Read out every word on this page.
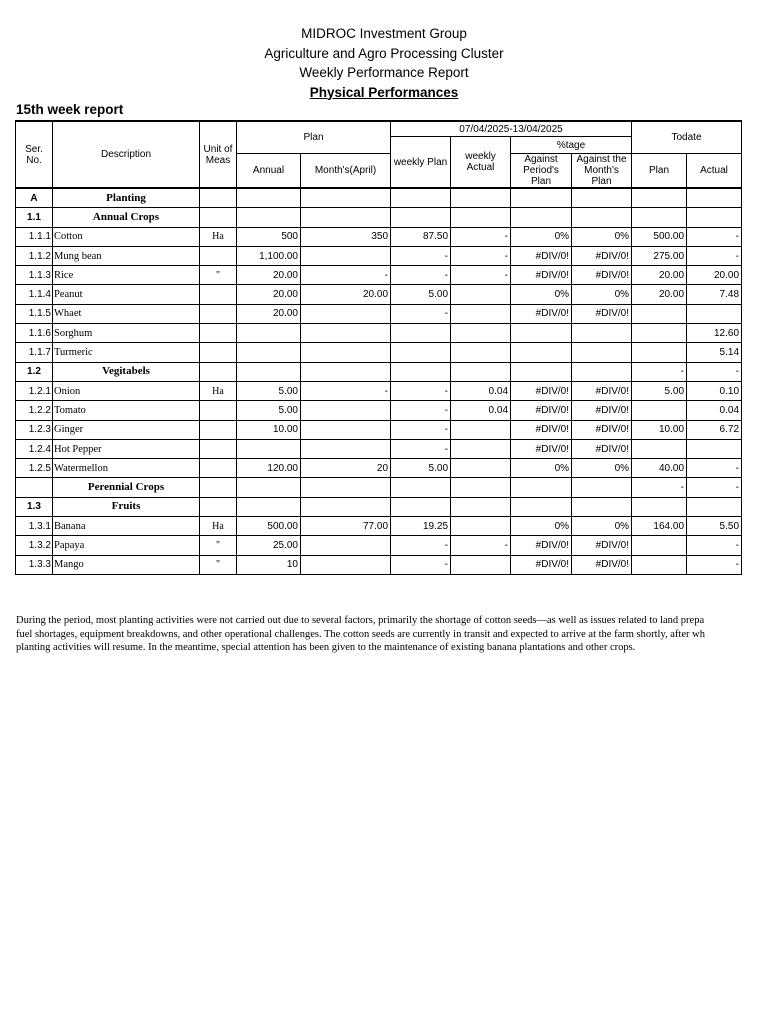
MIDROC Investment Group
Agriculture and Agro Processing Cluster
Weekly Performance Report
Physical Performances
15th week report
Ser. No.	Description	Unit of Meas	Plan		07/04/2025-13/04/2025				Todate	
					weekly Plan	weekly Actual	%tage			
			Annual	Month's(April)			Against Period's Plan	Against the Month's Plan	Plan	Actual
A	Planting									
1.1	Annual Crops									
1.1.1	Cotton	Ha	500	350	87.50	-	0%	0%	500.00	-
1.1.2	Mung bean		1,100.00		-	-	#DIV/0!	#DIV/0!	275.00	-
1.1.3	Rice	"	20.00	-	-	-	#DIV/0!	#DIV/0!	20.00	20.00
1.1.4	Peanut		20.00	20.00	5.00		0%	0%	20.00	7.48
1.1.5	Whaet		20.00		-		#DIV/0!	#DIV/0!		
1.1.6	Sorghum									12.60
1.1.7	Turmeric									5.14
1.2	Vegitabels								-	-
1.2.1	Onion	Ha	5.00	-	-	0.04	#DIV/0!	#DIV/0!	5.00	0.10
1.2.2	Tomato		5.00		-	0.04	#DIV/0!	#DIV/0!		0.04
1.2.3	Ginger		10.00		-		#DIV/0!	#DIV/0!	10.00	6.72
1.2.4	Hot Pepper				-		#DIV/0!	#DIV/0!		
1.2.5	Watermellon		120.00	20	5.00		0%	0%	40.00	-
	Perennial Crops								-	-
1.3	Fruits									
1.3.1	Banana	Ha	500.00	77.00	19.25		0%	0%	164.00	5.50
1.3.2	Papaya	"	25.00		-	-	#DIV/0!	#DIV/0!		-
1.3.3	Mango	"	10		-		#DIV/0!	#DIV/0!		-
During the period, most planting activities were not carried out due to several factors, primarily the shortage of cotton seeds—as well as issues related to land prepa
fuel shortages, equipment breakdowns, and other operational challenges. The cotton seeds are currently in transit and expected to arrive at the farm shortly, after wh
planting activities will resume. In the meantime, special attention has been given to the maintenance of existing banana plantations and other crops.
